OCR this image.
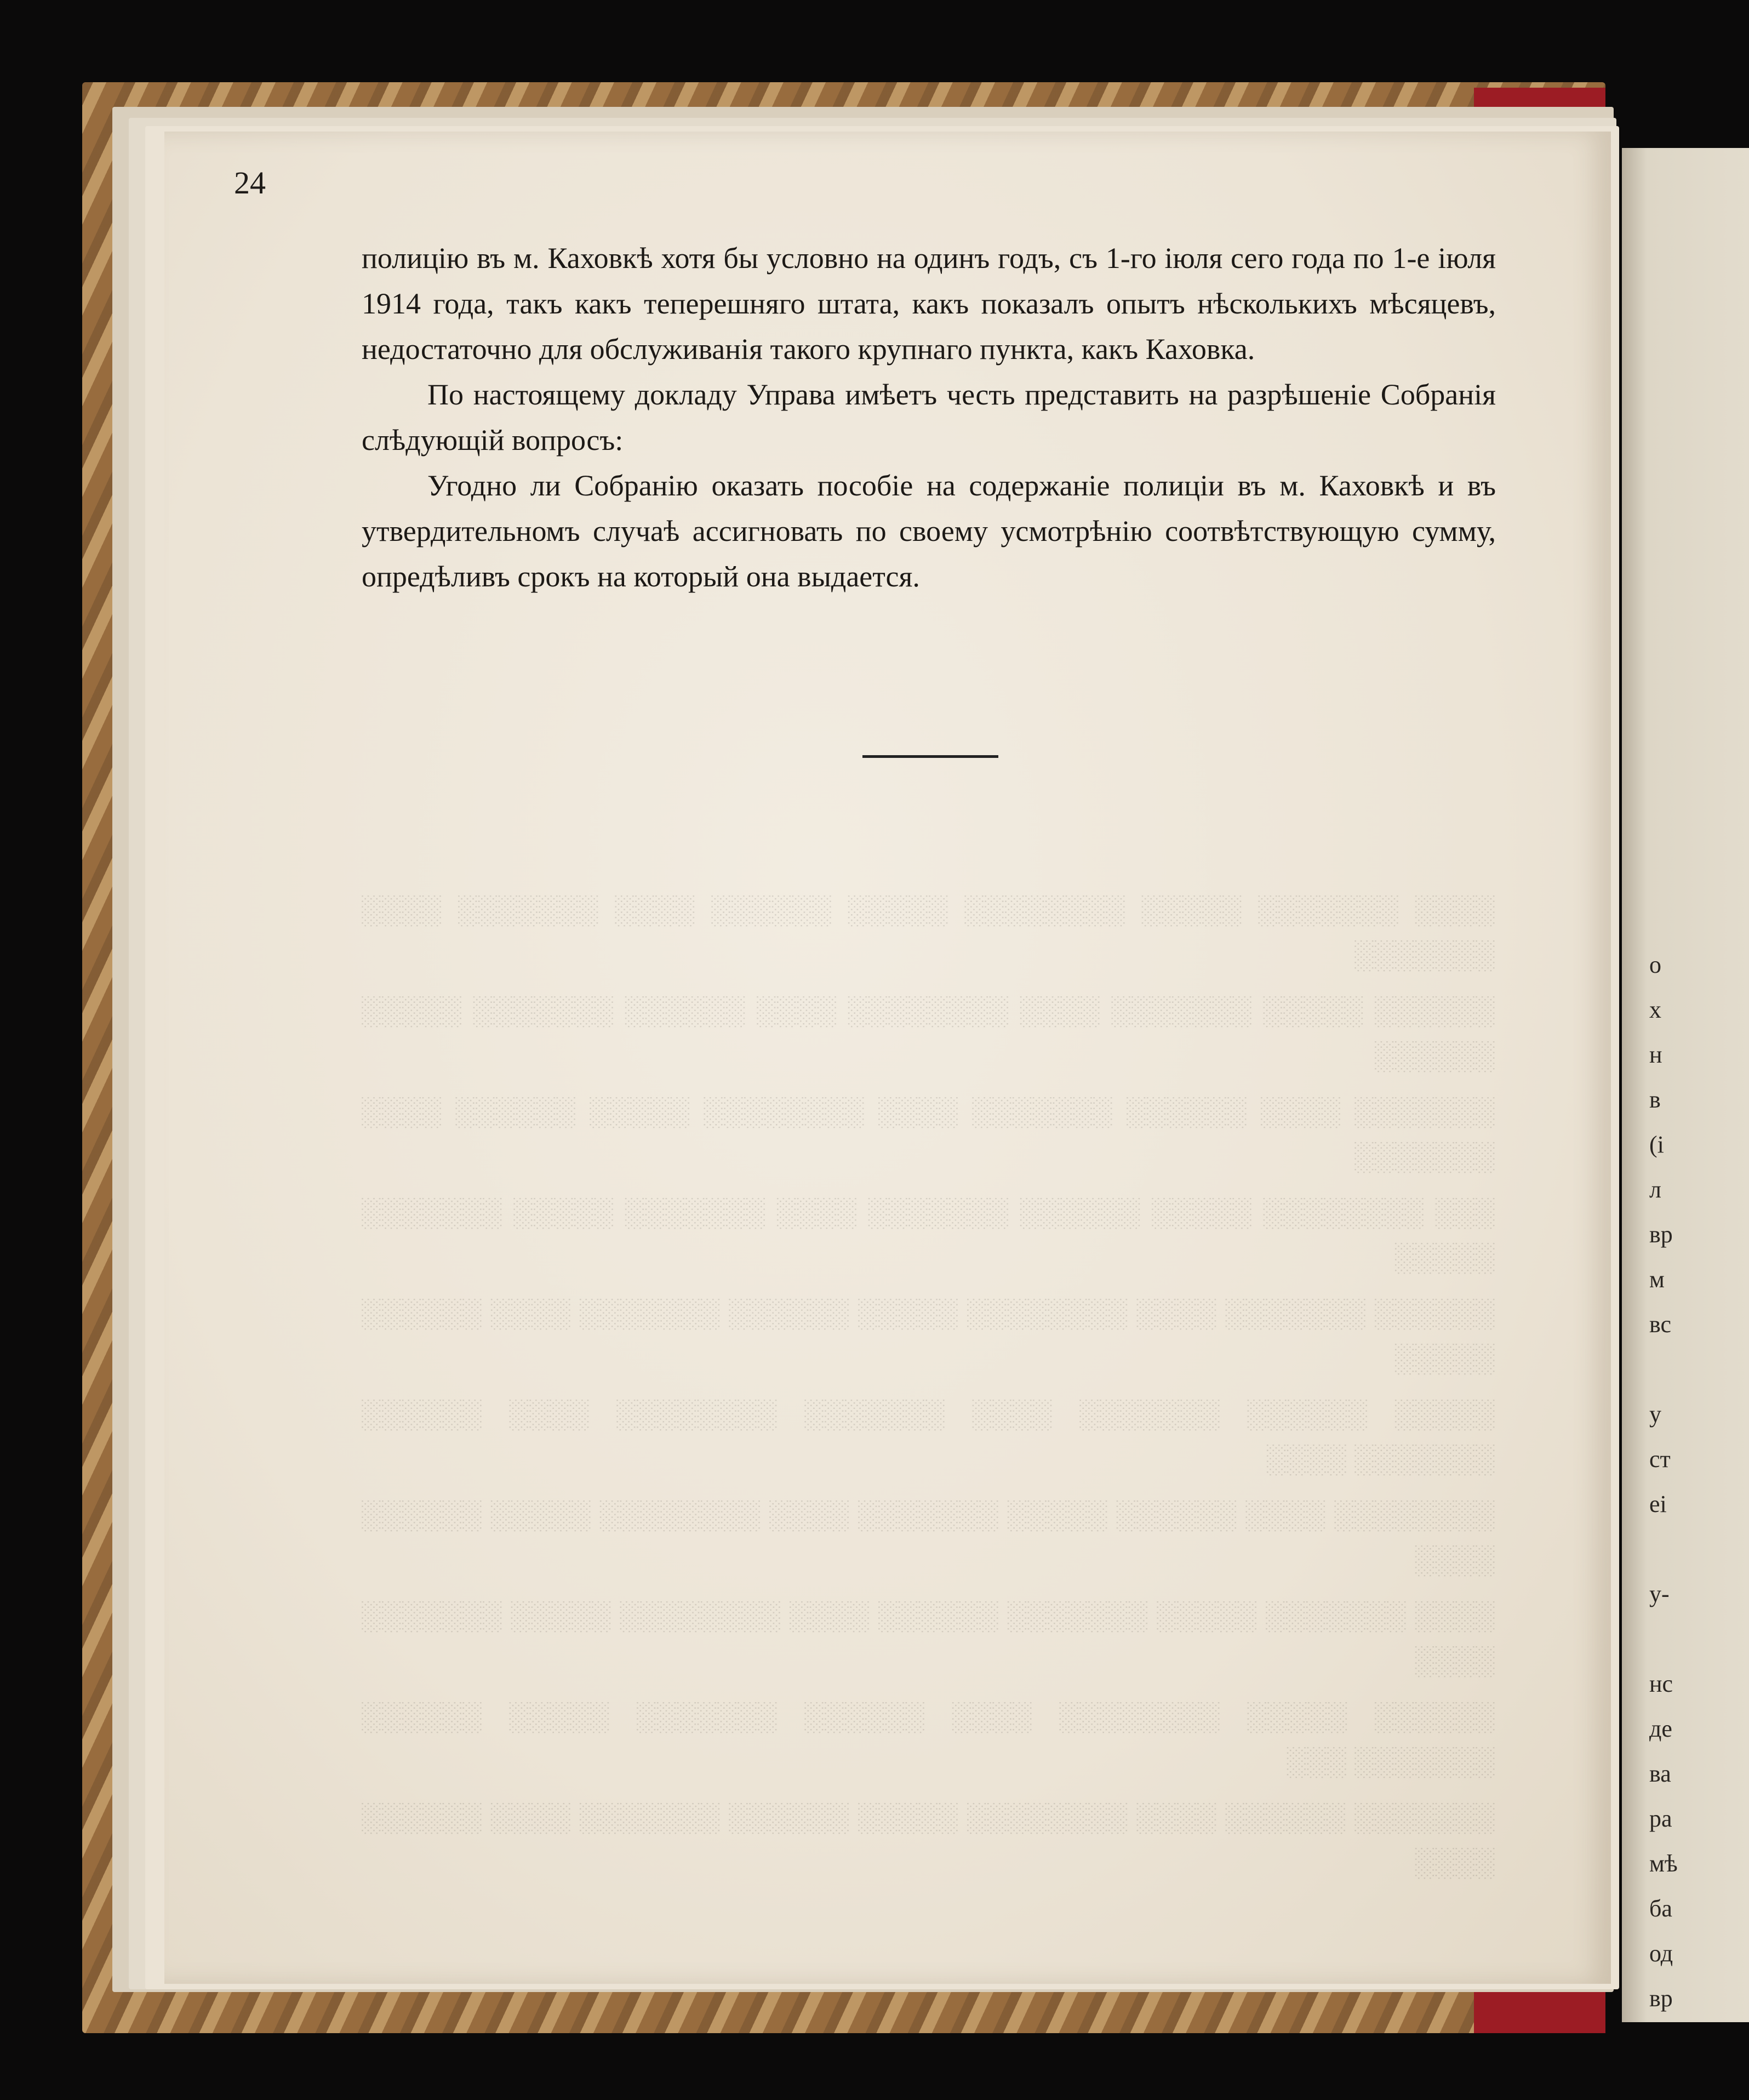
о
х
н
в
(і
л
вр
м
вс
у
ст
еі
у-
нс
де
ва
ра
мѣ
ба
од
вр
24

полицію въ м. Каховкѣ хотя бы условно на одинъ годъ, съ 1-го іюля сего года по 1-е іюля 1914 года, такъ какъ теперешняго штата, какъ показалъ опытъ нѣсколькихъ мѣсяцевъ, недостаточно для обслуживанія такого крупнаго пункта, какъ Каховка.

По настоящему докладу Управа имѣетъ честь представить на разрѣшеніе Собранія слѣдующій вопросъ:

Угодно ли Собранію оказать пособіе на содержаніе полиціи въ м. Каховкѣ и въ утвердительномъ случаѣ ассигновать по своему усмотрѣнію соотвѣтствующую сумму, опредѣливъ срокъ на который она выдается.

░░░░ ░░░░░░░ ░░░░░ ░░░░░░░░ ░░░░░ ░░░░░░ ░░░░ ░░░░░░░ ░░░░ ░░░░░░░

░░░░░░ ░░░░░ ░░░░░░░ ░░░░ ░░░░░░░░ ░░░░ ░░░░░░ ░░░░░░░ ░░░░░ ░░░░░░

░░░░░░░ ░░░░ ░░░░░░ ░░░░░░░ ░░░░ ░░░░░░░░ ░░░░░ ░░░░░░ ░░░░ ░░░░░░░

░░░ ░░░░░░░░ ░░░░░ ░░░░░░ ░░░░░░░ ░░░░ ░░░░░░░ ░░░░░ ░░░░░░░ ░░░░░

░░░░░░ ░░░░░░░ ░░░░ ░░░░░░░░ ░░░░░ ░░░░░░ ░░░░░░░ ░░░░ ░░░░░░ ░░░░░

░░░░░ ░░░░░░ ░░░░░░░ ░░░░ ░░░░░░░ ░░░░░░░░ ░░░░ ░░░░░░ ░░░░░░░ ░░░░

░░░░░░░░ ░░░░ ░░░░░░ ░░░░░ ░░░░░░░ ░░░░ ░░░░░░░░ ░░░░░ ░░░░░░ ░░░░

░░░░ ░░░░░░░ ░░░░░ ░░░░░░░ ░░░░░░ ░░░░ ░░░░░░░░ ░░░░░ ░░░░░░░ ░░░░

░░░░░░ ░░░░░ ░░░░░░░░ ░░░░ ░░░░░░ ░░░░░░░ ░░░░░ ░░░░░░ ░░░░░░░ ░░░

░░░░░░░ ░░░░░░ ░░░░ ░░░░░░░░ ░░░░░ ░░░░░░ ░░░░░░░ ░░░░ ░░░░░░ ░░░░
